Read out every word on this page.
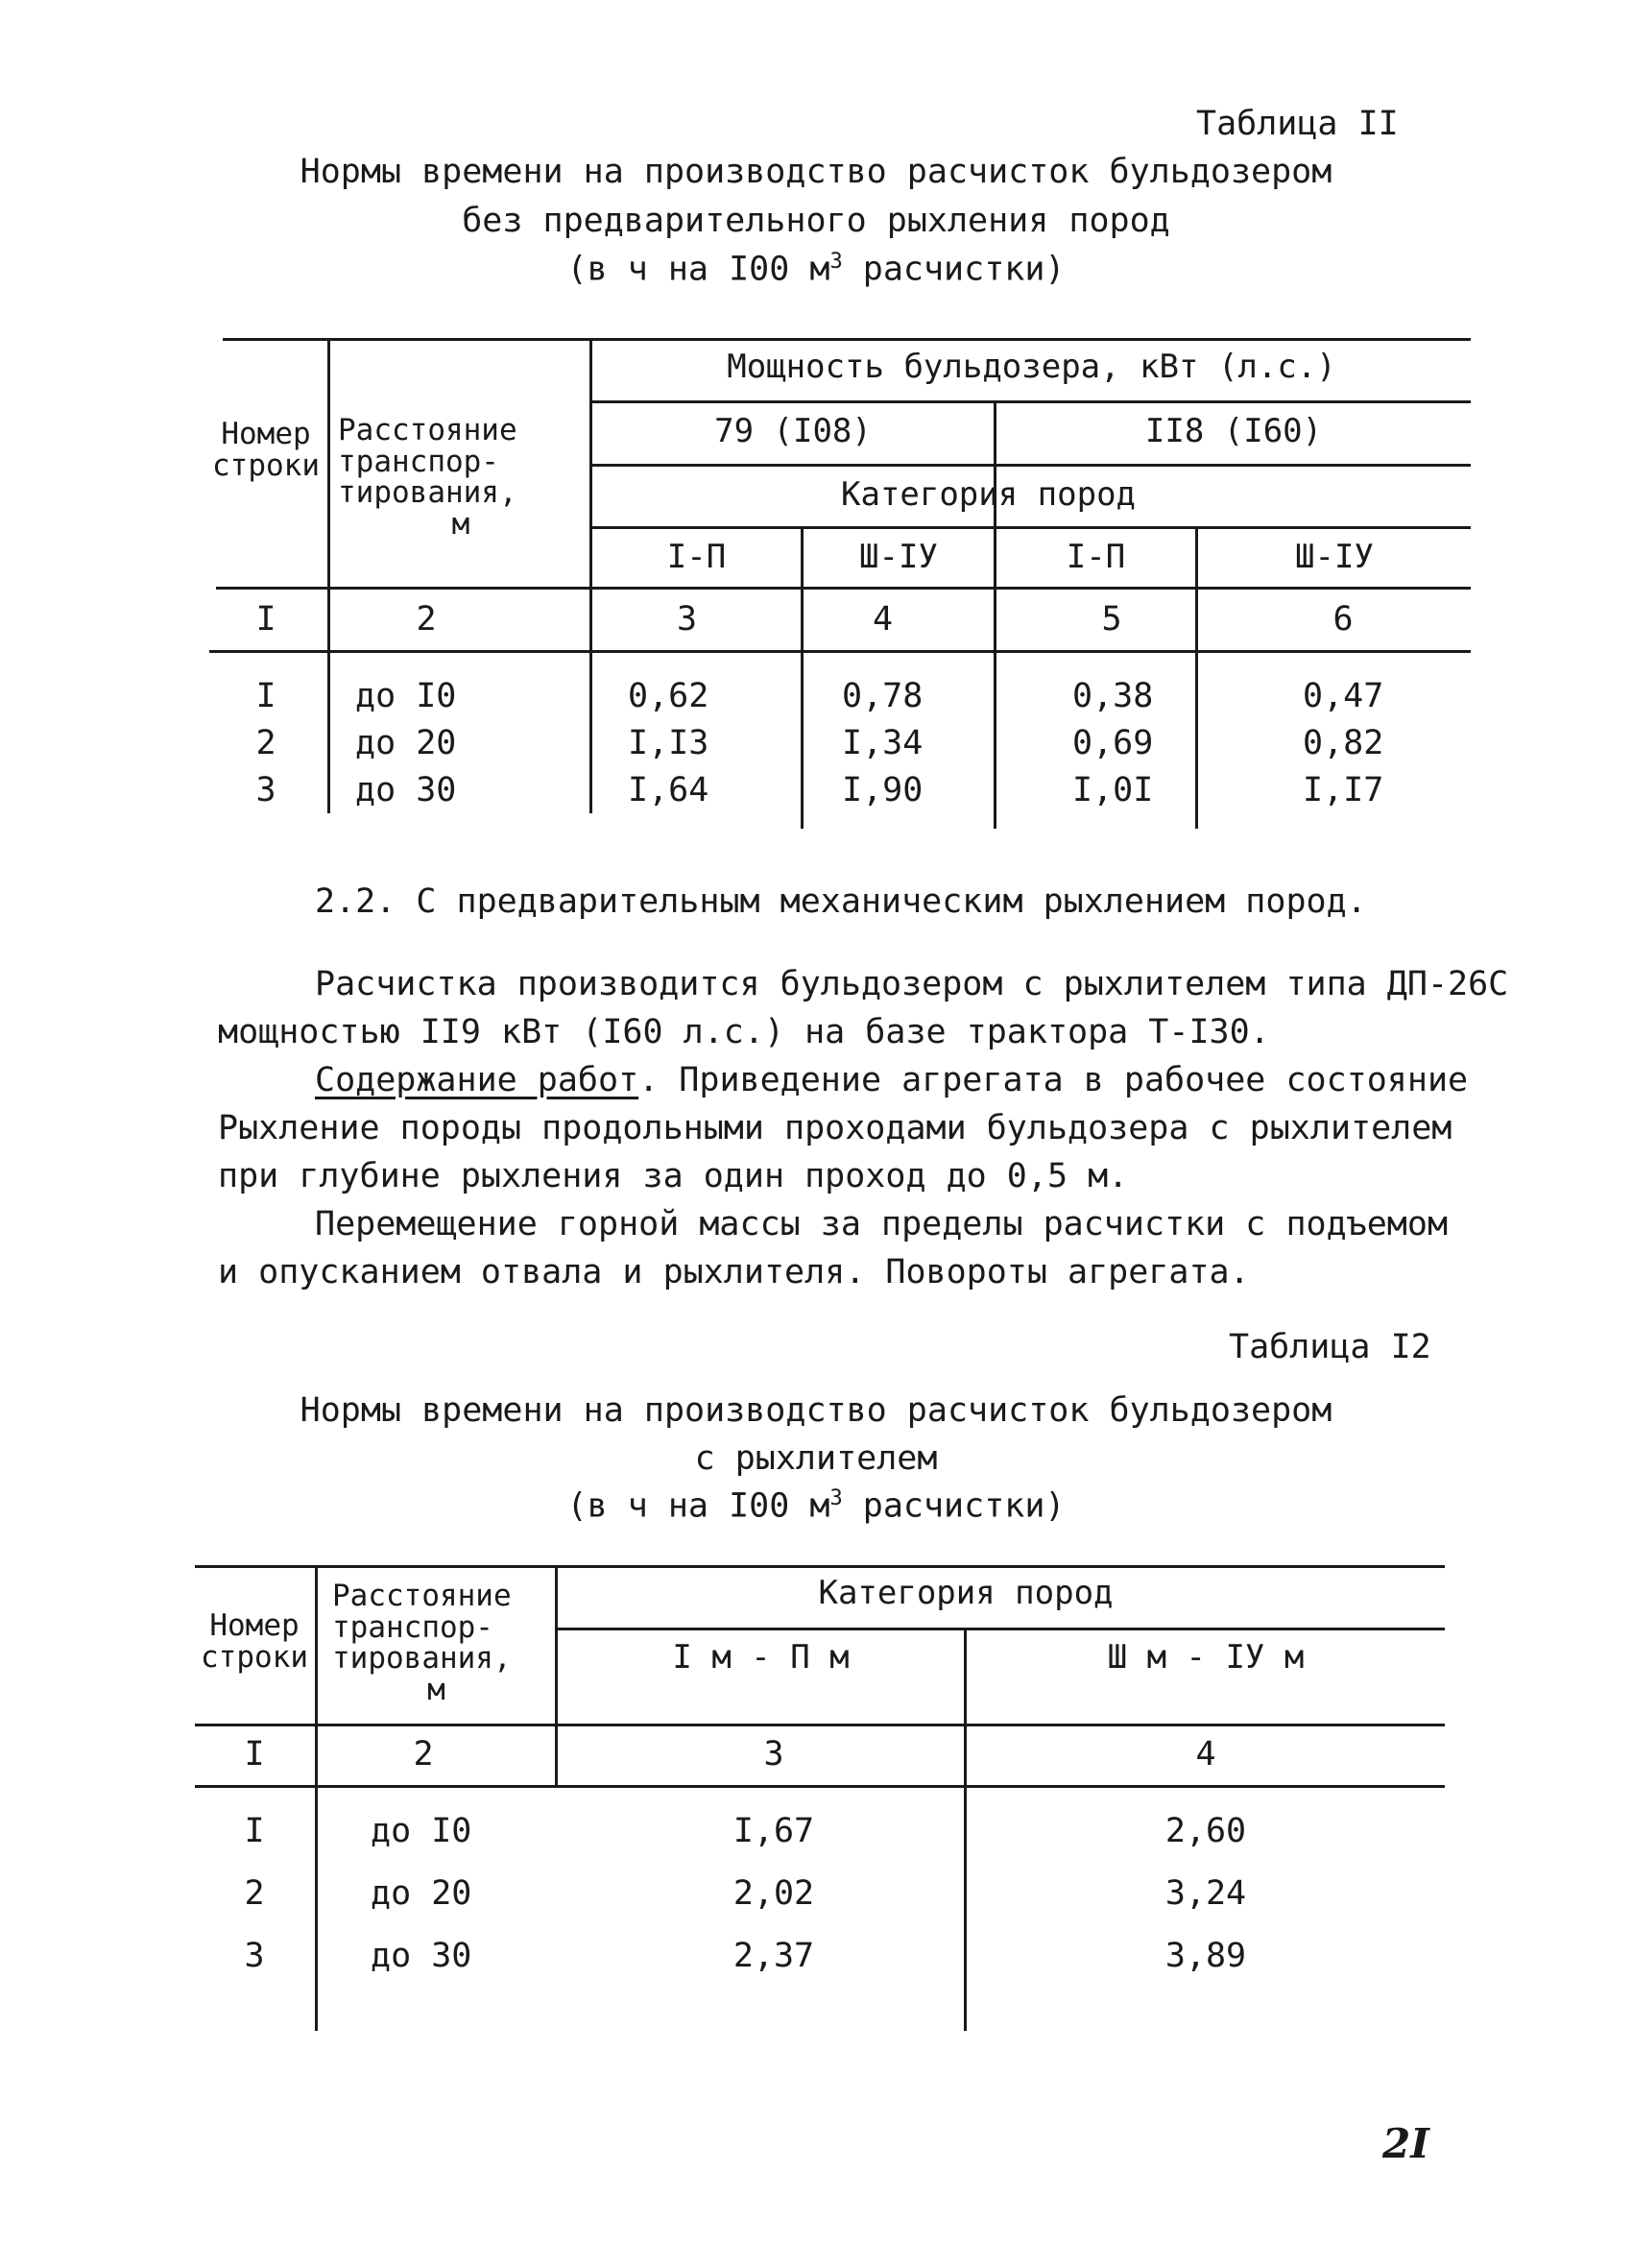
Таблица II
Нормы времени на производство расчисток бульдозером
без предварительного рыхления пород
(в ч на I00 $м^3$ расчистки)
Номер
строки
Расстояние
транспор-
тирования,
м
Мощность бульдозера, кВт (л.с.)
79 (I08)	II8 (I60)
Категория пород
I-П	Ш-IУ	I-П	Ш-IУ
I	2	3	4	5	6
I	до I0	0,62	0,78	0,38	0,47
2	до 20	I,I3	I,34	0,69	0,82
3	до 30	I,64	I,90	I,0I	I,I7
2.2. С предварительным механическим рыхлением пород.
Расчистка производится бульдозером с рыхлителем типа ДП-26С
мощностью II9 кВт (I60 л.с.) на базе трактора Т-I30.
Содержание работ. Приведение агрегата в рабочее состояние
Рыхление породы продольными проходами бульдозера с рыхлителем
при глубине рыхления за один проход до 0,5 м.
Перемещение горной массы за пределы расчистки с подъемом
и опусканием отвала и рыхлителя. Повороты агрегата.
Таблица I2
Нормы времени на производство расчисток бульдозером
с рыхлителем
(в ч на I00 $м^3$ расчистки)
Номер
строки
Расстояние
транспор-
тирования,
м
Категория пород
I м - П м	Ш м - IУ м
I	2	3	4
I	до I0	I,67	2,60
2	до 20	2,02	3,24
3	до 30	2,37	3,89
2I
